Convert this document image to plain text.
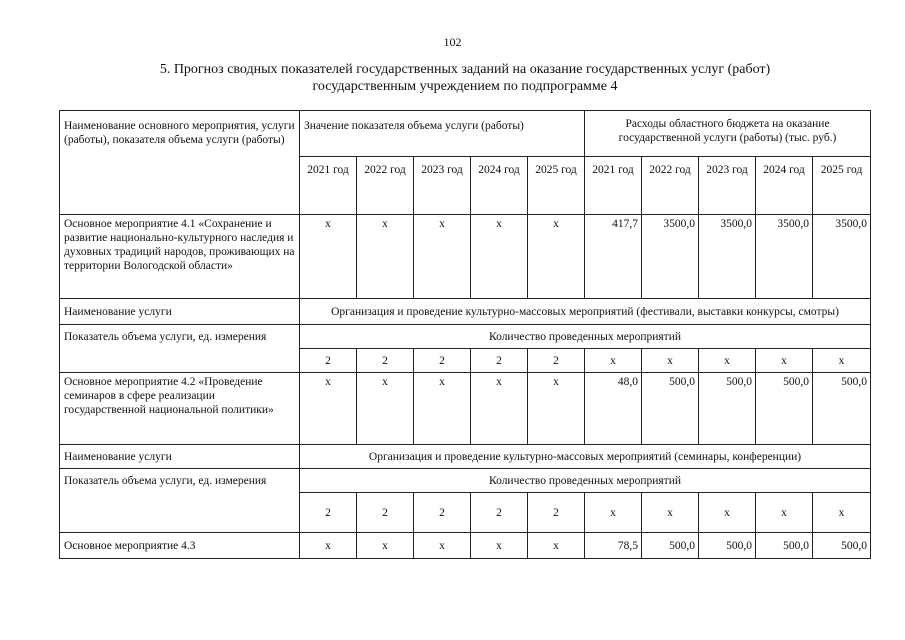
102
5. Прогноз сводных показателей государственных заданий на оказание государственных услуг (работ)
государственным учреждением по подпрограмме 4
Наименование основного мероприятия, услуги (работы), показателя объема услуги (работы)	Значение показателя объема услуги (работы)					Расходы областного бюджета на оказание государственной услуги (работы) (тыс. руб.)				
	2021 год	2022 год	2023 год	2024 год	2025 год	2021 год	2022 год	2023 год	2024 год	2025 год
Основное мероприятие 4.1 «Сохранение и развитие национально-культурного наследия и духовных традиций народов, проживающих на территории Вологодской области»	x	x	x	x	x	417,7	3500,0	3500,0	3500,0	3500,0
Наименование услуги	Организация и проведение культурно-массовых мероприятий (фестивали, выставки конкурсы, смотры)									
Показатель объема услуги, ед. измерения	Количество проведенных мероприятий									
	2	2	2	2	2	x	x	x	x	x
Основное мероприятие 4.2 «Проведение семинаров в сфере реализации государственной национальной политики»	x	x	x	x	x	48,0	500,0	500,0	500,0	500,0
Наименование услуги	Организация и проведение культурно-массовых мероприятий (семинары, конференции)									
Показатель объема услуги, ед. измерения	Количество проведенных мероприятий									
	2	2	2	2	2	x	x	x	x	x
Основное мероприятие 4.3	x	x	x	x	x	78,5	500,0	500,0	500,0	500,0
